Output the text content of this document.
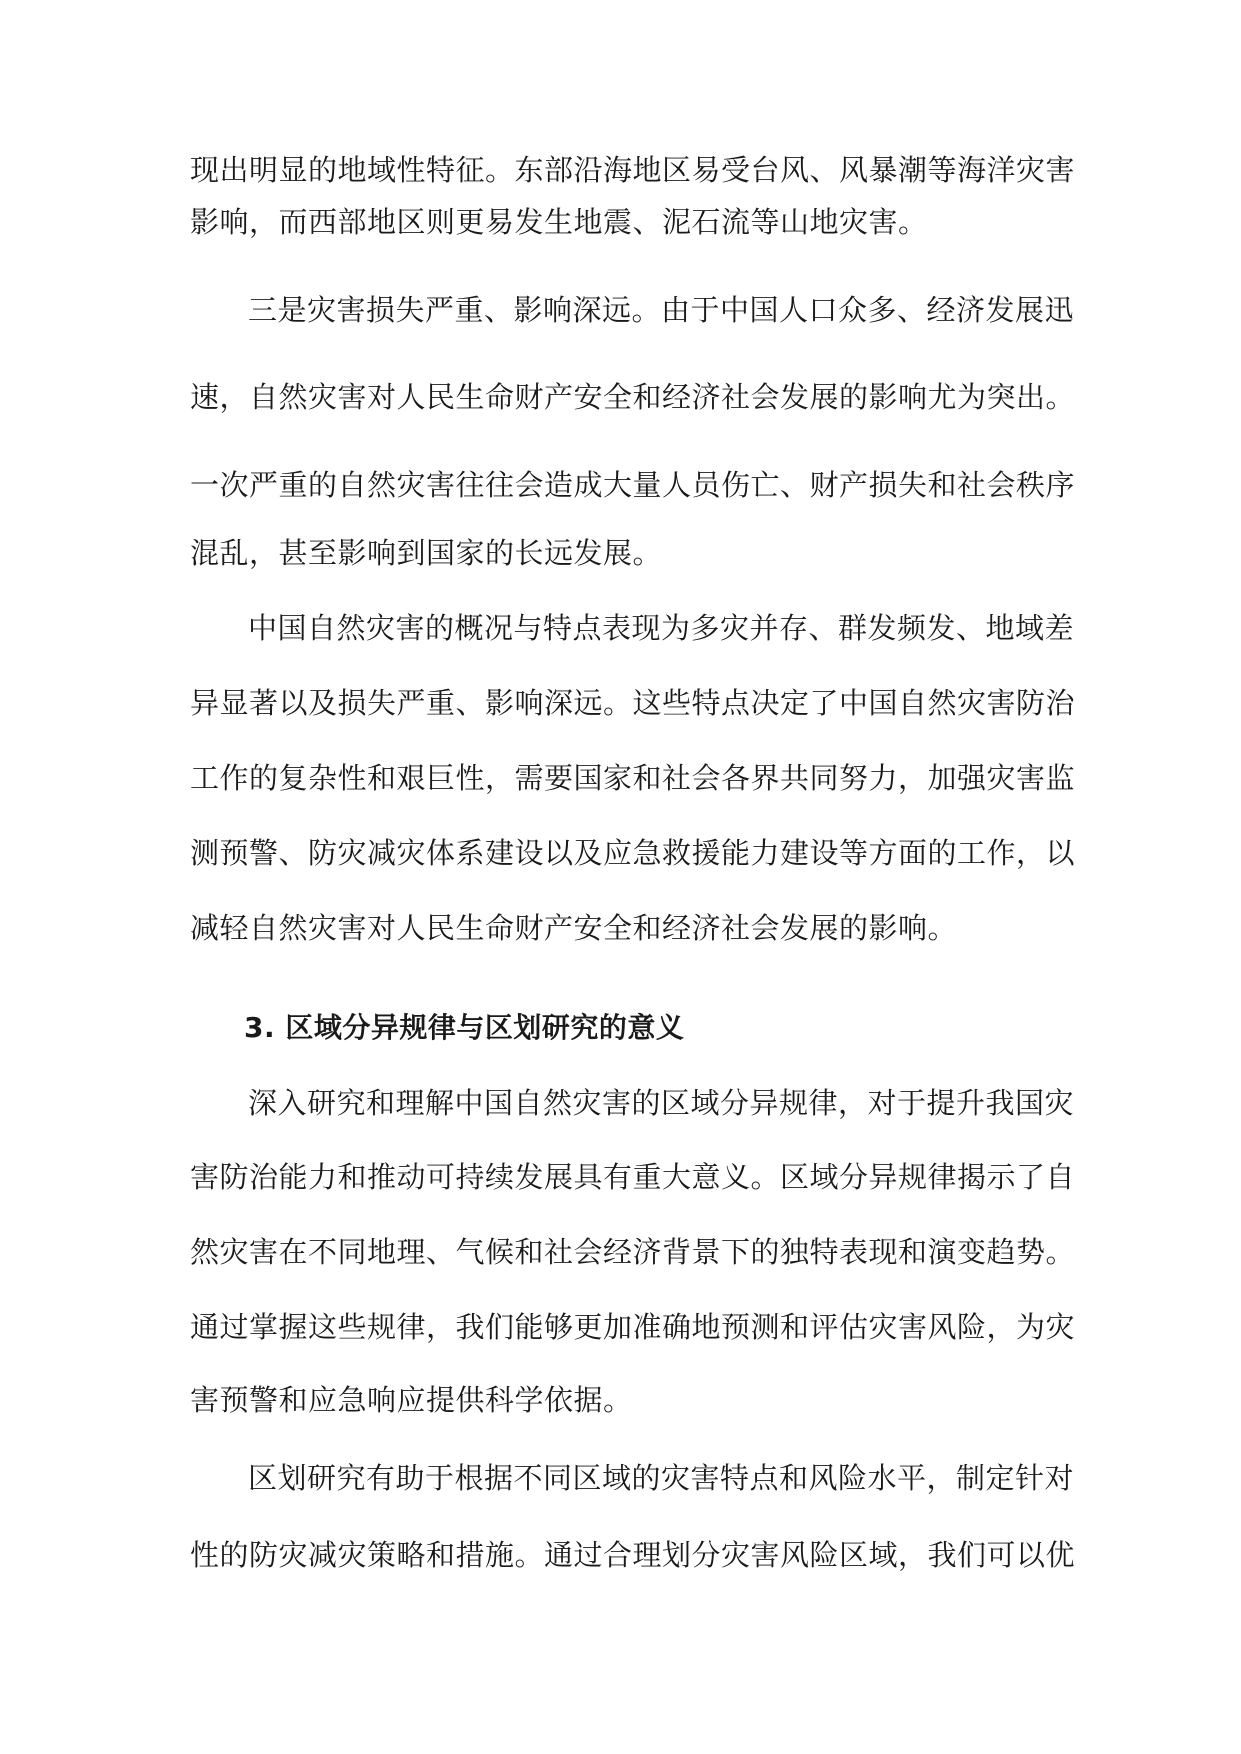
现出明显的地域性特征。东部沿海地区易受台风、风暴潮等海洋灾害
影响，而西部地区则更易发生地震、泥石流等山地灾害。
三是灾害损失严重、影响深远。由于中国人口众多、经济发展迅
速，自然灾害对人民生命财产安全和经济社会发展的影响尤为突出。
一次严重的自然灾害往往会造成大量人员伤亡、财产损失和社会秩序
混乱，甚至影响到国家的长远发展。
中国自然灾害的概况与特点表现为多灾并存、群发频发、地域差
异显著以及损失严重、影响深远。这些特点决定了中国自然灾害防治
工作的复杂性和艰巨性，需要国家和社会各界共同努力，加强灾害监
测预警、防灾减灾体系建设以及应急救援能力建设等方面的工作，以
减轻自然灾害对人民生命财产安全和经济社会发展的影响。
3. 区域分异规律与区划研究的意义
深入研究和理解中国自然灾害的区域分异规律，对于提升我国灾
害防治能力和推动可持续发展具有重大意义。区域分异规律揭示了自
然灾害在不同地理、气候和社会经济背景下的独特表现和演变趋势。
通过掌握这些规律，我们能够更加准确地预测和评估灾害风险，为灾
害预警和应急响应提供科学依据。
区划研究有助于根据不同区域的灾害特点和风险水平，制定针对
性的防灾减灾策略和措施。通过合理划分灾害风险区域，我们可以优
